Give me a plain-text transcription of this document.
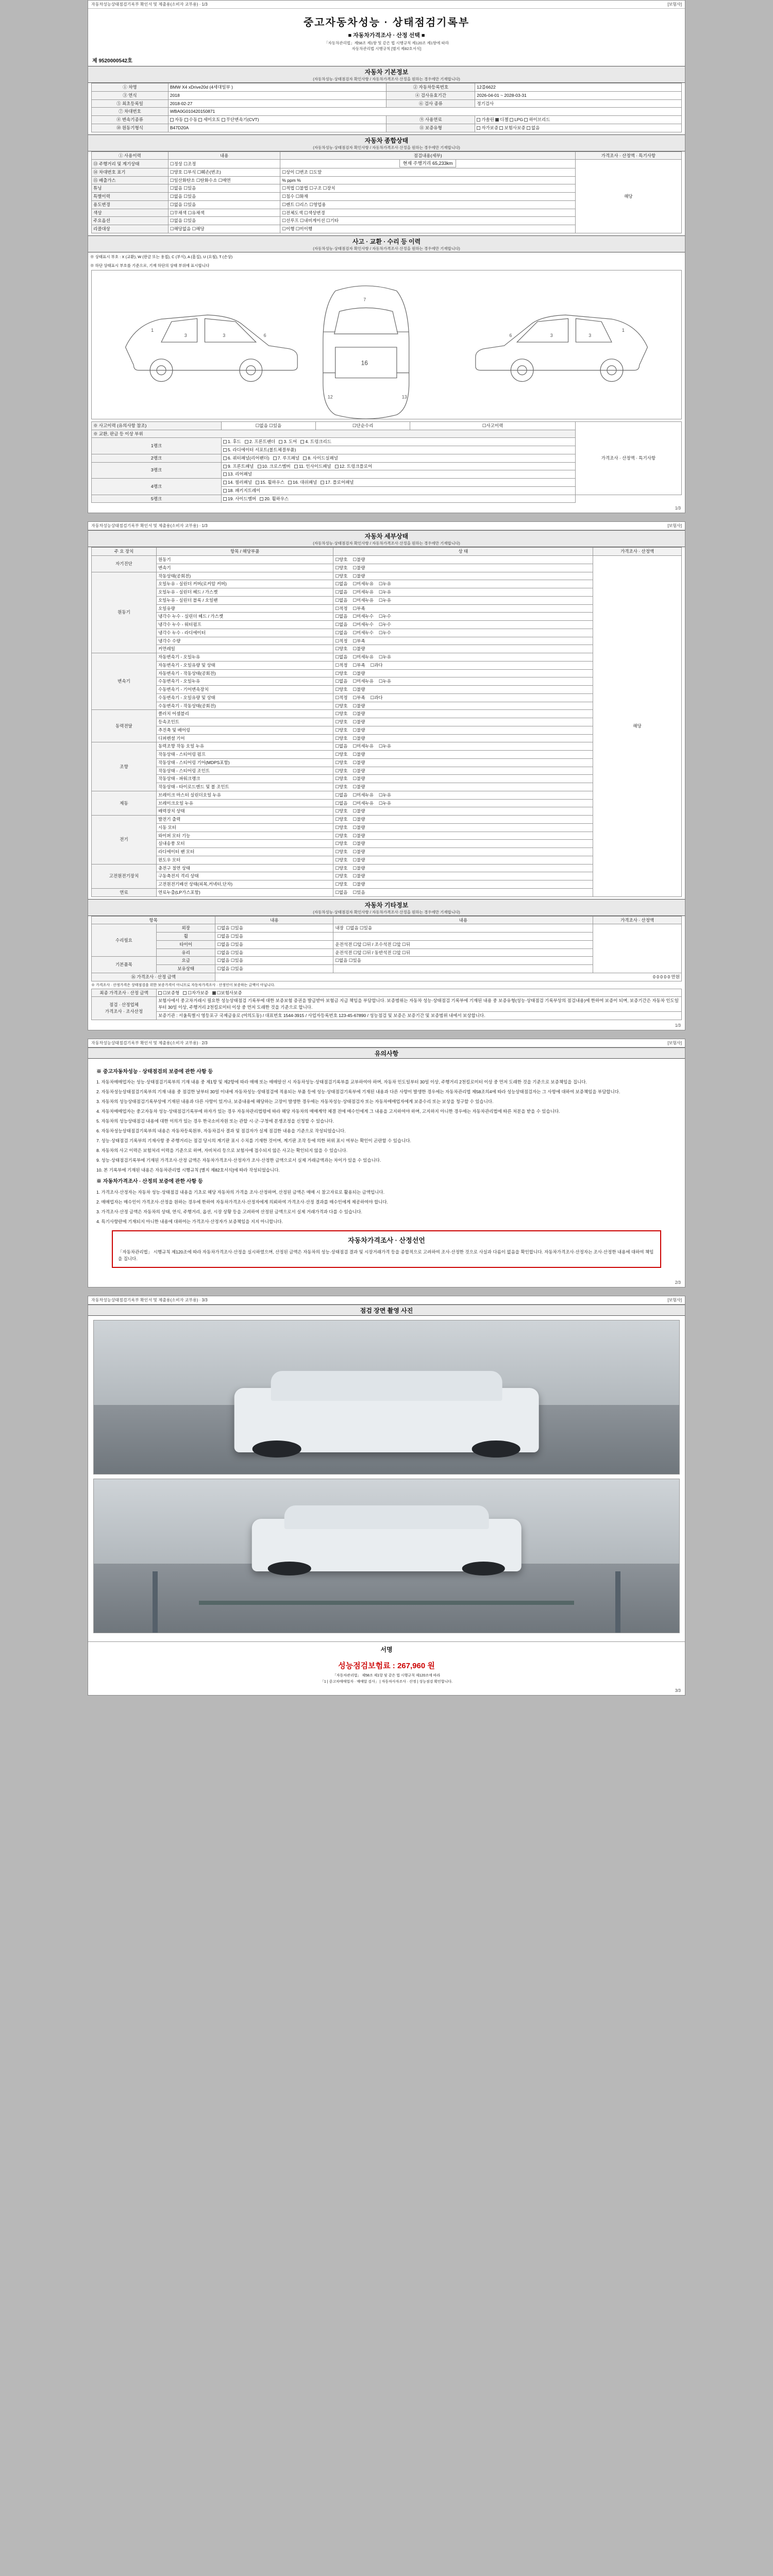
자동차성능상태점검기록부 확인서 및 제출용(소비자 교부용) · 1/3	[보험사]
중고자동차성능 · 상태점검기록부
■ 자동차가격조사 · 산정 선택 ■
「자동차관리법」제58조 제1항 및 같은 법 시행규칙 제120조 제1항에 따라
자동차관리법 시행규칙 [별지 제82호서식]
제 9520000542호
자동차 기본정보
(자동차성능·상태점검자 확인사항 / 자동차가격조사·산정을 원하는 경우에만 기재합니다)
① 차명	BMW X4 xDrive20d (4세대일부 )	② 자동차등록번호	12를6622
③ 연식	2018	④ 검사유효기간	2026-04-01 ~ 2028-03-31
⑤ 최초등록일	2018-02-27	⑥ 검사 종류	정기검사
⑦ 차대번호	WBA0G010420150871		
⑧ 변속기종류	자동 수동 세미오토 무단변속기(CVT)	⑨ 사용연료	가솔린 디젤 LPG 하이브리드
⑩ 원동기형식	B47D20A	⑪ 보증유형	자가보증 보험사보증 없음
자동차 종합상태
(자동차성능·상태점검자 확인사항 / 자동차가격조사·산정을 원하는 경우에만 기재합니다)
① 사용이력	내용	점검내용(세부)	가격조사 · 산정액 · 특기사항
⑬ 주행거리 및 계기상태	☐정상 ☐조정	현재 주행거리 65,233km	해당
⑭ 차대번호 표기	☐양호 ☐부식 ☐훼손(변조)	☐상이 ☐변조 ☐도말	
⑮ 배출가스	☐일산화탄소 ☐탄화수소 ☐매연	% ppm %	
튜닝	☐없음 ☐있음	☐적법 ☐불법 ☐구조 ☐장치	
특별이력	☐없음 ☐있음	☐침수 ☐화재	
용도변경	☐없음 ☐있음	☐렌트 ☐리스 ☐영업용	
색상	☐무채색 ☐유채색	☐전체도색 ☐색상변경	
주요옵션	☐없음 ☐있음	☐선루프 ☐내비게이션 ☐기타	
리콜대상	☐해당없음 ☐해당	☐이행 ☐미이행	
사고 · 교환 · 수리 등 이력
(자동차성능·상태점검자 확인사항 / 자동차가격조사·산정을 원하는 경우에만 기재합니다)
※ 상태표시 부호 : X (교환), W (판금 또는 용접), C (부식), A (흠집), U (요철), T (손상)
※ 하단 상태표시 부호를 기준으로, 기재 하단의 상태 부위에 표시합니다
16
1
3	3	6
7
12	13
1
3
3
6
※ 사고이력 (유의사항 참조)	☐없음 ☐있음	☐단순수리	☐사고이력	가격조사 · 산정액 · 특기사항
※ 교환, 판금 등 이상 부위				
1랭크	1. 후드 2. 프론트팬더 3. 도어 4. 트렁크리드			
	5. 라디에이터 서포트(볼트체결부품)			
2랭크	6. 쿼터패널(리어팬더) 7. 루프패널 8. 사이드실패널			
3랭크	9. 프론트패널 10. 크로스멤버 11. 인사이드패널 12. 트렁크플로어			
	13. 리어패널			
4랭크	14. 필러패널 15. 휠하우스 16. 대쉬패널 17. 플로어패널			
	18. 패키지트레이			
5랭크	19. 사이드멤버 20. 휠하우스			
1/3
자동차성능상태점검기록부 확인서 및 제출용(소비자 교부용) · 1/3	[보험사]
자동차 세부상태
(자동차성능·상태점검자 확인사항 / 자동차가격조사·산정을 원하는 경우에만 기재합니다)
주 요 장치	항목 / 해당부품	상 태	가격조사 · 산정액
자기진단	원동기	☐양호 ☐불량	해당
	변속기	☐양호 ☐불량	
원동기	작동상태(공회전)	☐양호 ☐불량	
	오일누유 - 실린더 커버(로커암 커버)	☐없음 ☐미세누유 ☐누유	
	오일누유 - 실린더 헤드 / 가스켓	☐없음 ☐미세누유 ☐누유	
	오일누유 - 실린더 블록 / 오일팬	☐없음 ☐미세누유 ☐누유	
	오일유량	☐적정 ☐부족	
	냉각수 누수 - 실린더 헤드 / 가스켓	☐없음 ☐미세누수 ☐누수	
	냉각수 누수 - 워터펌프	☐없음 ☐미세누수 ☐누수	
	냉각수 누수 - 라디에이터	☐없음 ☐미세누수 ☐누수	
	냉각수 수량	☐적정 ☐부족	
	커먼레일	☐양호 ☐불량	
변속기	자동변속기 - 오일누유	☐없음 ☐미세누유 ☐누유	
	자동변속기 - 오일유량 및 상태	☐적정 ☐부족 ☐과다	
	자동변속기 - 작동상태(공회전)	☐양호 ☐불량	
	수동변속기 - 오일누유	☐없음 ☐미세누유 ☐누유	
	수동변속기 - 기어변속장치	☐양호 ☐불량	
	수동변속기 - 오일유량 및 상태	☐적정 ☐부족 ☐과다	
	수동변속기 - 작동상태(공회전)	☐양호 ☐불량	
동력전달	클러치 어셈블리	☐양호 ☐불량	
	등속조인트	☐양호 ☐불량	
	추진축 및 베어링	☐양호 ☐불량	
	디퍼렌셜 기어	☐양호 ☐불량	
조향	동력조향 작동 오일 누유	☐없음 ☐미세누유 ☐누유	
	작동상태 - 스티어링 펌프	☐양호 ☐불량	
	작동상태 - 스티어링 기어(MDPS포함)	☐양호 ☐불량	
	작동상태 - 스티어링 조인트	☐양호 ☐불량	
	작동상태 - 파워크랭크	☐양호 ☐불량	
	작동상태 - 타이로드엔드 및 볼 조인트	☐양호 ☐불량	
제동	브레이크 마스터 실린더오일 누유	☐없음 ☐미세누유 ☐누유	
	브레이크오일 누유	☐없음 ☐미세누유 ☐누유	
	배력장치 상태	☐양호 ☐불량	
전기	발전기 출력	☐양호 ☐불량	
	시동 모터	☐양호 ☐불량	
	와이퍼 모터 기능	☐양호 ☐불량	
	실내송풍 모터	☐양호 ☐불량	
	라디에이터 팬 모터	☐양호 ☐불량	
	윈도우 모터	☐양호 ☐불량	
고전원전기장치	충전구 절연 상태	☐양호 ☐불량	
	구동축전지 격리 상태	☐양호 ☐불량	
	고전원전기배선 상태(피복,커넥터,단자)	☐양호 ☐불량	
연료	연료누출(LP가스포함)	☐없음 ☐있음	
자동차 기타정보
(자동차성능·상태점검자 확인사항 / 자동차가격조사·산정을 원하는 경우에만 기재합니다)
항목		내용	내용	가격조사 · 산정액
수리필요	외장	☐없음 ☐있음	내장 ☐없음 ☐있음	
	휠	☐없음 ☐있음		
	타이어	☐없음 ☐있음	운전석전 ☐앞 ☐뒤 / 조수석전 ☐앞 ☐뒤	
	유리	☐없음 ☐있음	운전석전 ☐앞 ☐뒤 / 동반석전 ☐앞 ☐뒤	
기본품목	요금	☐없음 ☐있음	☐없음 ☐있음	
	보유상태	☐없음 ☐있음		
⑯ 가격조사 · 산정 금액		0 0 0 0 0 만원		
※ 가격조사 · 산정가격은 상태점검을 위한 보증가격이 아니므로 자동차가격조사 · 산정인이 보증하는 금액이 아닙니다.
최종 가격조사 · 산정 금액	☐보증형 ☐자가보증 ☐보험사보증

점검 · 산정업체
가격조사 · 조사산정	보험사에서 중고차거래시 필요한 성능상태점검 기록부에 대한 보증보험 증권을 발급받아 보험금 지급 책임을 부담합니다. 보증범위는 자동차 성능·상태점검 기록부에 기재된 내용 중 보증유형(성능·상태점검 기록부상의 점검내용)에 한하여 보증이 되며, 보증기간은 자동차 인도일부터 30일 이상, 주행거리 2천킬로미터 이상 중 먼저 도래한 것을 기준으로 합니다.
	보증기관 : 서울특별시 영등포구 국제금융로 (여의도동) / 대표번호 1544-3915 / 사업자등록번호 123-45-67890 / 성능점검 및 보증은 보증기간 및 보증범위 내에서 보상합니다.
1/3
자동차성능상태점검기록부 확인서 및 제출용(소비자 교부용) · 2/3	[보험사]
유의사항
※ 중고자동차성능 · 상태점검의 보증에 관한 사항 등

1. 자동차매매업자는 성능·상태점검기록부의 기재 내용 중 제1항 및 제2항에 따라 매매 또는 매매알선 시 자동차성능·상태점검기록부를 교부하여야 하며, 자동차 인도일부터 30일 이상, 주행거리 2천킬로미터 이상 중 먼저 도래한 것을 기준으로 보증책임을 집니다.

2. 자동차성능상태점검기록부의 기재 내용 중 점검한 날부터 30일 이내에 자동차성능·상태점검에 적용되는 부품 등에 성능·상태점검기록부에 기재된 내용과 다른 사항이 발생한 경우에는 자동차관리법 제58조의4에 따라 성능상태점검자는 그 사항에 대하여 보증책임을 부담합니다.

3. 자동차의 성능상태점검기록부상에 기재된 내용과 다른 사항이 있거나, 보증내용에 해당하는 고장이 발생한 경우에는 자동차성능·상태점검자 또는 자동차매매업자에게 보증수리 또는 보상을 청구할 수 있습니다.

4. 자동차매매업자는 중고자동차 성능·상태점검기록부에 하자가 있는 경우 자동차관리법령에 따라 해당 자동차의 매매계약 체결 전에 매수인에게 그 내용을 고지하여야 하며, 고지하지 아니한 경우에는 자동차관리법에 따른 처분을 받을 수 있습니다.

5. 자동차의 성능상태점검 내용에 대한 이의가 있는 경우 한국소비자원 또는 관할 시·군·구청에 분쟁조정을 신청할 수 있습니다.

6. 자동차성능상태점검기록부의 내용은 자동차등록원부, 자동차검사 결과 및 점검자가 실제 점검한 내용을 기준으로 작성되었습니다.

7. 성능·상태점검 기록부의 기재사항 중 주행거리는 점검 당시의 계기판 표시 수치를 기재한 것이며, 계기판 조작 등에 의한 허위 표시 여부는 확인이 곤란할 수 있습니다.

8. 자동차의 사고 이력은 보험처리 이력을 기준으로 하며, 자비처리 등으로 보험사에 접수되지 않은 사고는 확인되지 않을 수 있습니다.

9. 성능·상태점검기록부에 기재된 가격조사·산정 금액은 자동차가격조사·산정자가 조사·산정한 금액으로서 실제 거래금액과는 차이가 있을 수 있습니다.

10. 본 기록부에 기재된 내용은 자동차관리법 시행규칙 [별지 제82호서식]에 따라 작성되었습니다.

※ 자동차가격조사 · 산정의 보증에 관한 사항 등

1. 가격조사·산정자는 자동차 성능·상태점검 내용을 기초로 해당 자동차의 가격을 조사·산정하며, 산정된 금액은 매매 시 참고자료로 활용되는 금액입니다.

2. 매매업자는 매수인이 가격조사·산정을 원하는 경우에 한하여 자동차가격조사·산정자에게 의뢰하여 가격조사·산정 결과를 매수인에게 제공하여야 합니다.

3. 가격조사·산정 금액은 자동차의 상태, 연식, 주행거리, 옵션, 시장 상황 등을 고려하여 산정된 금액으로서 실제 거래가격과 다를 수 있습니다.

4. 특기사항란에 기재되지 아니한 내용에 대하여는 가격조사·산정자가 보증책임을 지지 아니합니다.

자동차가격조사 · 산정선언
「자동차관리법」 시행규칙 제120조에 따라 자동차가격조사·산정을 실시하였으며, 산정된 금액은 자동차의 성능·상태점검 결과 및 시장거래가격 등을 종합적으로 고려하여 조사·산정한 것으로 사실과 다름이 없음을 확인합니다. 자동차가격조사·산정자는 조사·산정한 내용에 대하여 책임을 집니다.
2/3
자동차성능상태점검기록부 확인서 및 제출용(소비자 교부용) · 3/3	[보험사]
점검 장면 촬영 사진
서명
성능점검보험료 : 267,960 원
「자동차관리법」 제58조 제1항 및 같은 법 시행규칙 제120조에 따라
「1 | 중고차매매업자 · 매매알 검사」 | 자동차사자조사 · 산정 | 성능점검 확인합니다.
3/3
